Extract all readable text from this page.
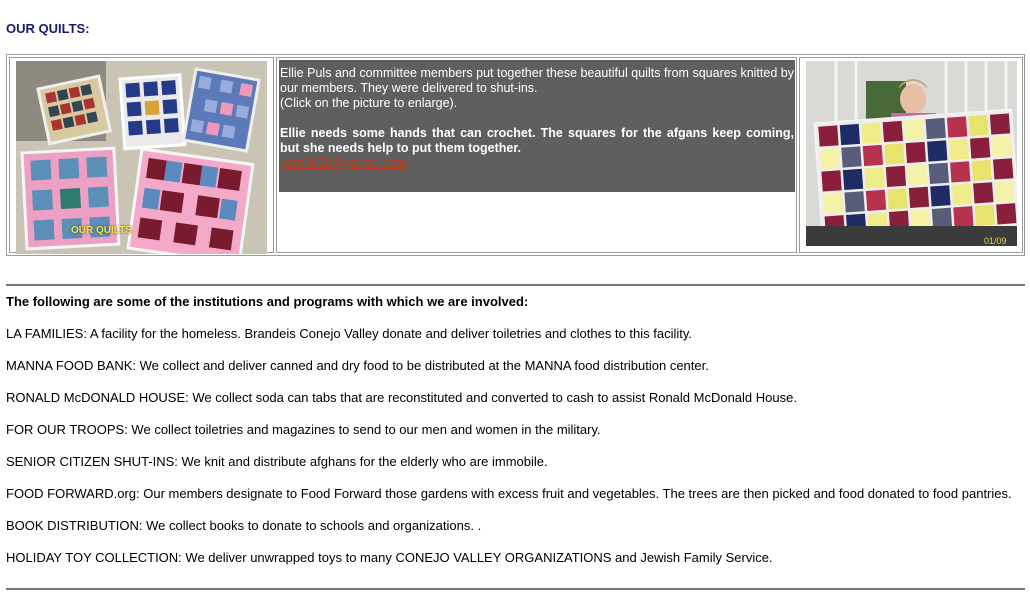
OUR QUILTS:
OUR QUILTS

Ellie Puls and committee members put together these beautiful quilts from squares knitted by our members. They were delivered to shut-ins.

(Click on the picture to enlarge).

Ellie needs some hands that can crochet. The squares for the afgans keep coming, but she needs help to put them together.

pcrn0620@yahoo.com

01/09
The following are some of the institutions and programs with which we are involved:
LA FAMILIES: A facility for the homeless. Brandeis Conejo Valley donate and deliver toiletries and clothes to this facility.
MANNA FOOD BANK: We collect and deliver canned and dry food to be distributed at the MANNA food distribution center.
RONALD McDONALD HOUSE: We collect soda can tabs that are reconstituted and converted to cash to assist Ronald McDonald House.
FOR OUR TROOPS: We collect toiletries and magazines to send to our men and women in the military.
SENIOR CITIZEN SHUT-INS: We knit and distribute afghans for the elderly who are immobile.
FOOD FORWARD.org: Our members designate to Food Forward those gardens with excess fruit and vegetables. The trees are then picked and food donated to food pantries.
BOOK DISTRIBUTION: We collect books to donate to schools and organizations. .
HOLIDAY TOY COLLECTION: We deliver unwrapped toys to many CONEJO VALLEY ORGANIZATIONS and Jewish Family Service.
